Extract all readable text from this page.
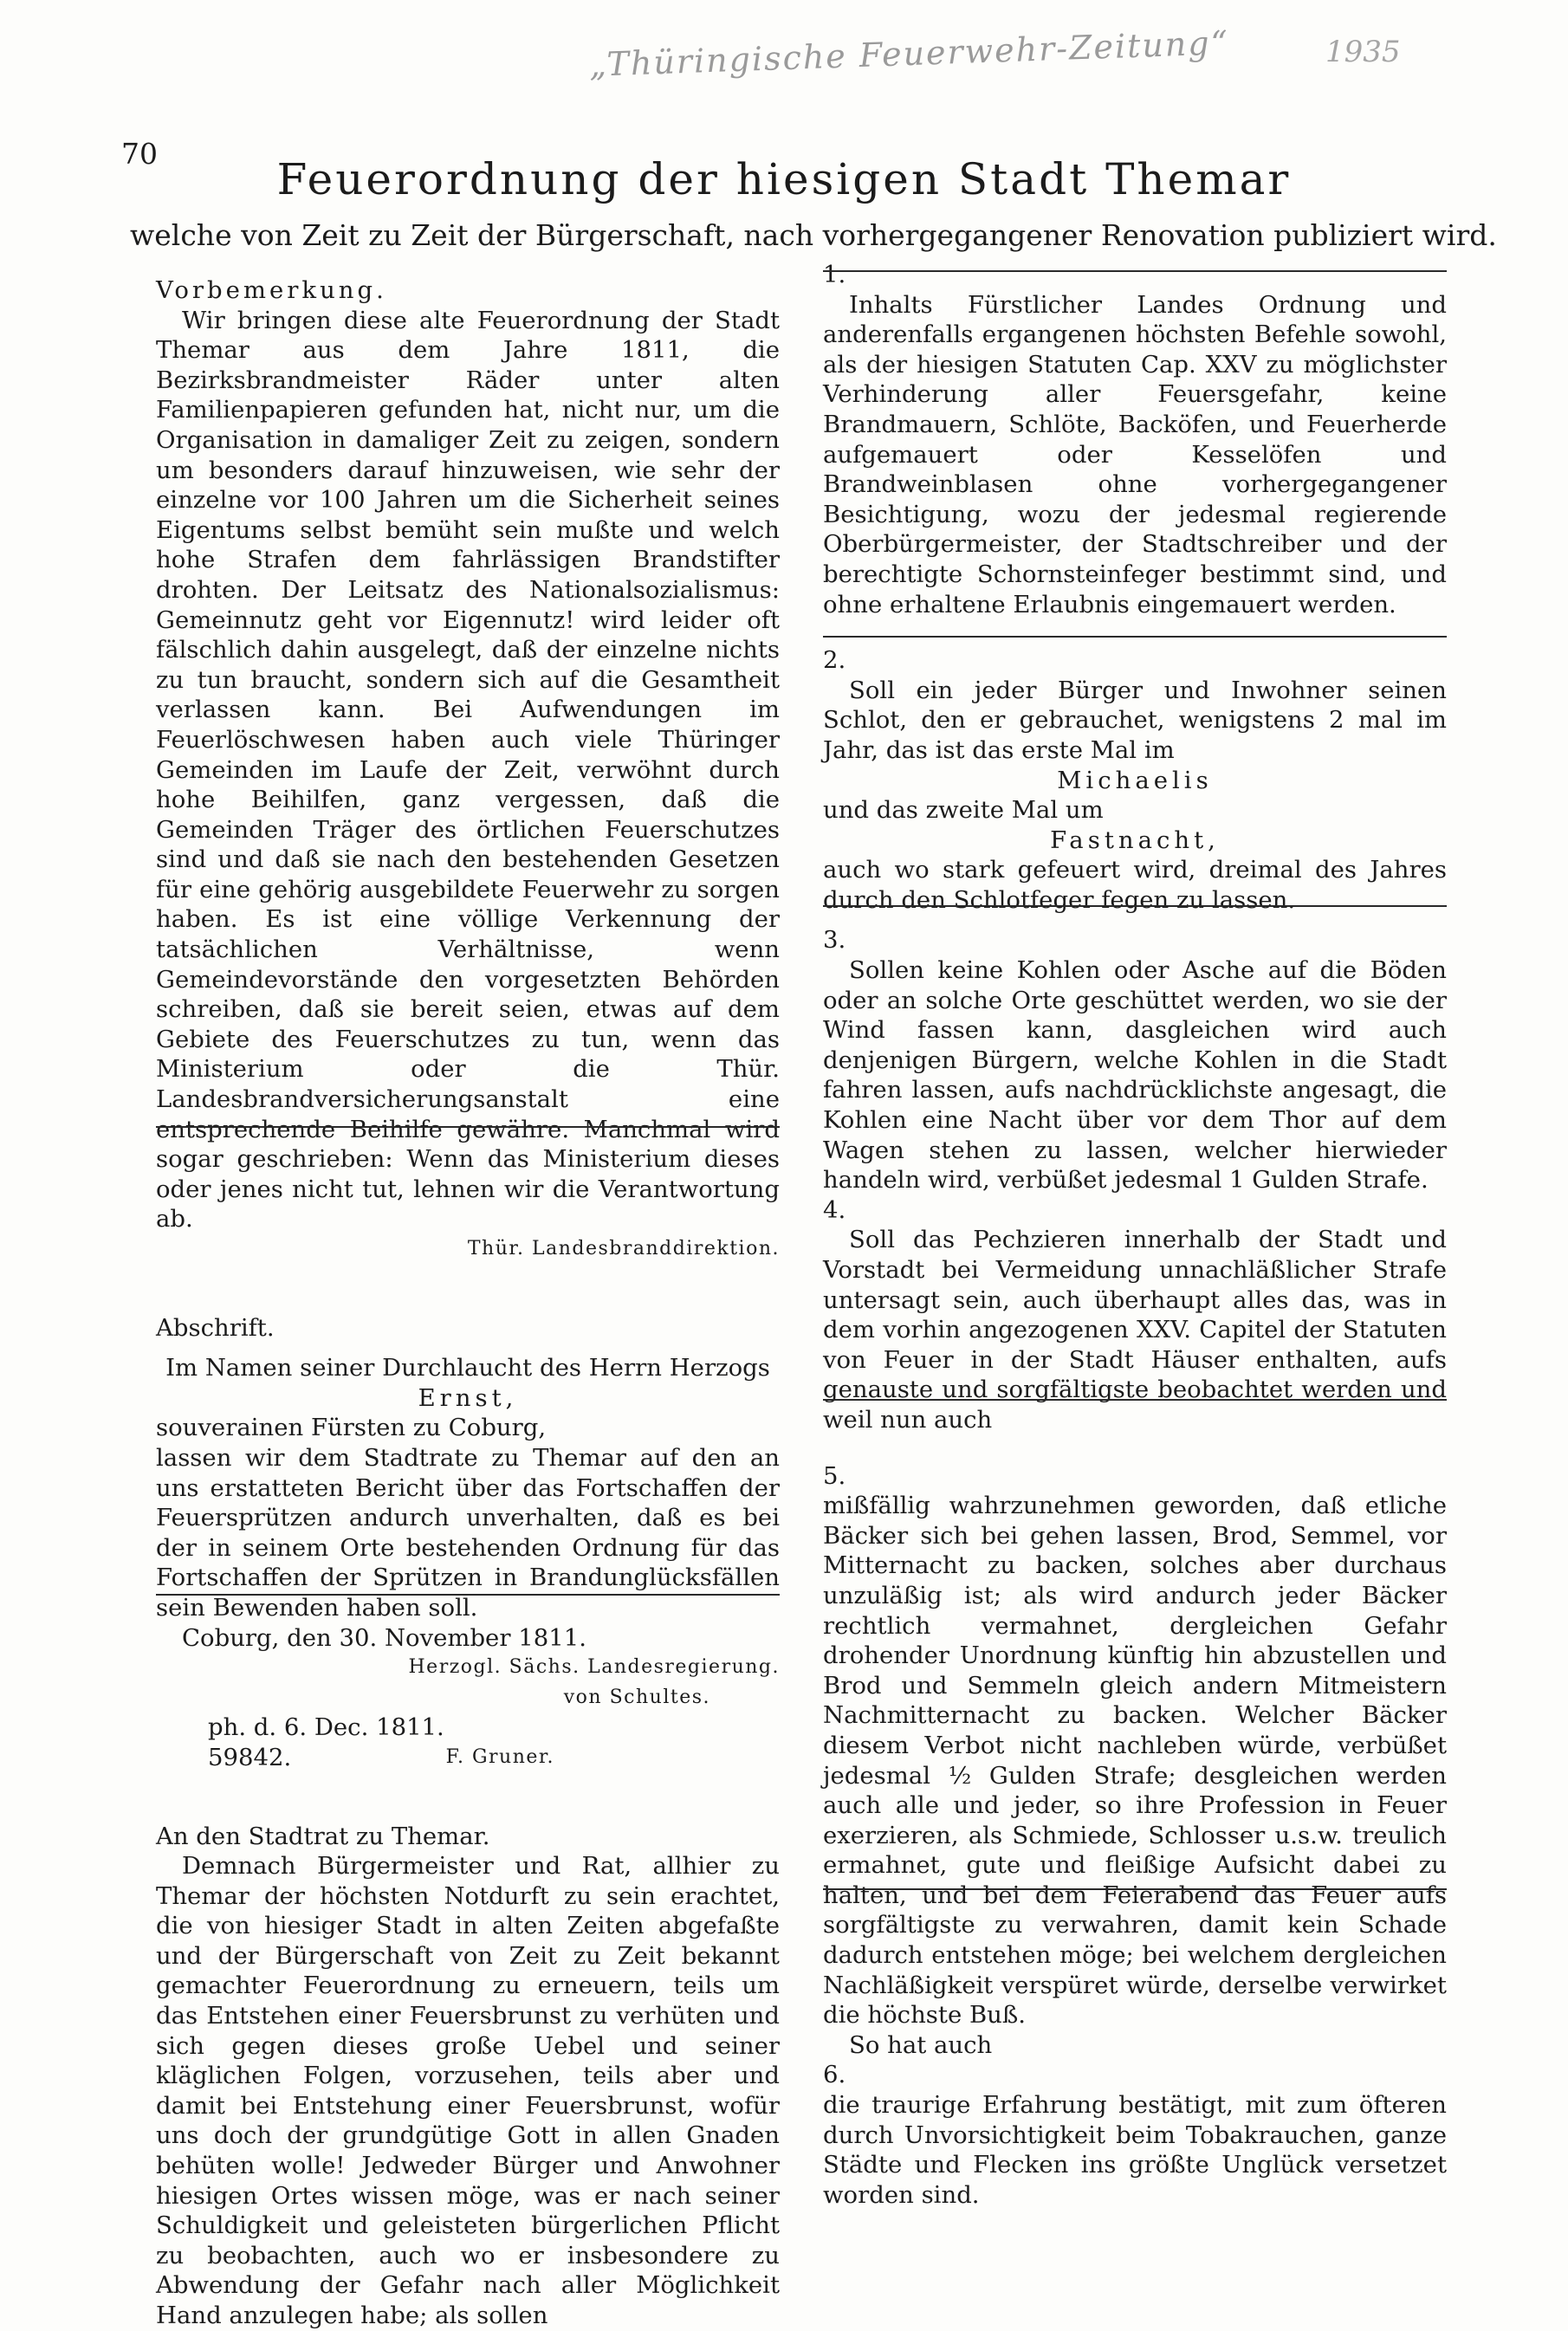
„Thüringische Feuerwehr-Zeitung“	1935
70
Feuerordnung der hiesigen Stadt Themar
welche von Zeit zu Zeit der Bürgerschaft, nach vorhergegangener Renovation publiziert wird.

Vorbemerkung.

Wir bringen diese alte Feuerordnung der Stadt Themar aus dem Jahre 1811, die Bezirksbrandmeister Räder unter alten Familienpapieren gefunden hat, nicht nur, um die Organisation in damaliger Zeit zu zeigen, sondern um besonders darauf hinzuweisen, wie sehr der einzelne vor 100 Jahren um die Sicherheit seines Eigentums selbst bemüht sein mußte und welch hohe Strafen dem fahrlässigen Brandstifter drohten. Der Leitsatz des Nationalsozialismus: Gemeinnutz geht vor Eigennutz! wird leider oft fälschlich dahin ausgelegt, daß der einzelne nichts zu tun braucht, sondern sich auf die Gesamtheit verlassen kann. Bei Aufwendungen im Feuerlöschwesen haben auch viele Thüringer Gemeinden im Laufe der Zeit, verwöhnt durch hohe Beihilfen, ganz vergessen, daß die Gemeinden Träger des örtlichen Feuerschutzes sind und daß sie nach den bestehenden Gesetzen für eine gehörig ausgebildete Feuerwehr zu sorgen haben. Es ist eine völlige Verkennung der tatsächlichen Verhältnisse, wenn Gemeindevorstände den vorgesetzten Behörden schreiben, daß sie bereit seien, etwas auf dem Gebiete des Feuerschutzes zu tun, wenn das Ministerium oder die Thür. Landesbrandversicherungsanstalt eine entsprechende Beihilfe gewähre. Manchmal wird sogar geschrieben: Wenn das Ministerium dieses oder jenes nicht tut, lehnen wir die Verantwortung ab.

Thür. Landesbranddirektion.

Abschrift.

Im Namen seiner Durchlaucht des Herrn Herzogs

Ernst,

souverainen Fürsten zu Coburg,

lassen wir dem Stadtrate zu Themar auf den an uns erstatteten Bericht über das Fortschaffen der Feuersprützen andurch unverhalten, daß es bei der in seinem Orte bestehenden Ordnung für das Fortschaffen der Sprützen in Brandunglücksfällen sein Bewenden haben soll.

Coburg, den 30. November 1811.

Herzogl. Sächs. Landesregierung.

von Schultes.

ph. d. 6. Dec. 1811.

59842.	F. Gruner.

An den Stadtrat zu Themar.

Demnach Bürgermeister und Rat, allhier zu Themar der höchsten Notdurft zu sein erachtet, die von hiesiger Stadt in alten Zeiten abgefaßte und der Bürgerschaft von Zeit zu Zeit bekannt gemachter Feuerordnung zu erneuern, teils um das Entstehen einer Feuersbrunst zu verhüten und sich gegen dieses große Uebel und seiner kläglichen Folgen, vorzusehen, teils aber und damit bei Entstehung einer Feuersbrunst, wofür uns doch der grundgütige Gott in allen Gnaden behüten wolle! Jedweder Bürger und Anwohner hiesigen Ortes wissen möge, was er nach seiner Schuldigkeit und geleisteten bürgerlichen Pflicht zu beobachten, auch wo er insbesondere zu Abwendung der Gefahr nach aller Möglichkeit Hand anzulegen habe; als sollen

1.

Inhalts Fürstlicher Landes Ordnung und anderenfalls ergangenen höchsten Befehle sowohl, als der hiesigen Statuten Cap. XXV zu möglichster Verhinderung aller Feuersgefahr, keine Brandmauern, Schlöte, Backöfen, und Feuerherde aufgemauert oder Kesselöfen und Brandweinblasen ohne vorhergegangener Besichtigung, wozu der jedesmal regierende Oberbürgermeister, der Stadtschreiber und der berechtigte Schornsteinfeger bestimmt sind, und ohne erhaltene Erlaubnis eingemauert werden.

2.

Soll ein jeder Bürger und Inwohner seinen Schlot, den er gebrauchet, wenigstens 2 mal im Jahr, das ist das erste Mal im

Michaelis

und das zweite Mal um

Fastnacht,

auch wo stark gefeuert wird, dreimal des Jahres durch den Schlotfeger fegen zu lassen.

3.

Sollen keine Kohlen oder Asche auf die Böden oder an solche Orte geschüttet werden, wo sie der Wind fassen kann, dasgleichen wird auch denjenigen Bürgern, welche Kohlen in die Stadt fahren lassen, aufs nachdrücklichste angesagt, die Kohlen eine Nacht über vor dem Thor auf dem Wagen stehen zu lassen, welcher hierwieder handeln wird, verbüßet jedesmal 1 Gulden Strafe.

4.

Soll das Pechzieren innerhalb der Stadt und Vorstadt bei Vermeidung unnachläßlicher Strafe untersagt sein, auch überhaupt alles das, was in dem vorhin angezogenen XXV. Capitel der Statuten von Feuer in der Stadt Häuser enthalten, aufs genauste und sorgfältigste beobachtet werden und weil nun auch

5.

mißfällig wahrzunehmen geworden, daß etliche Bäcker sich bei gehen lassen, Brod, Semmel, vor Mitternacht zu backen, solches aber durchaus unzuläßig ist; als wird andurch jeder Bäcker rechtlich vermahnet, dergleichen Gefahr drohender Unordnung künftig hin abzustellen und Brod und Semmeln gleich andern Mitmeistern Nachmitternacht zu backen. Welcher Bäcker diesem Verbot nicht nachleben würde, verbüßet jedesmal ½ Gulden Strafe; desgleichen werden auch alle und jeder, so ihre Profession in Feuer exerzieren, als Schmiede, Schlosser u.s.w. treulich ermahnet, gute und fleißige Aufsicht dabei zu halten, und bei dem Feierabend das Feuer aufs sorgfältigste zu verwahren, damit kein Schade dadurch entstehen möge; bei welchem dergleichen Nachläßigkeit verspüret würde, derselbe verwirket die höchste Buß.

So hat auch

6.

die traurige Erfahrung bestätigt, mit zum öfteren durch Unvorsichtigkeit beim Tobakrauchen, ganze Städte und Flecken ins größte Unglück versetzet worden sind.
